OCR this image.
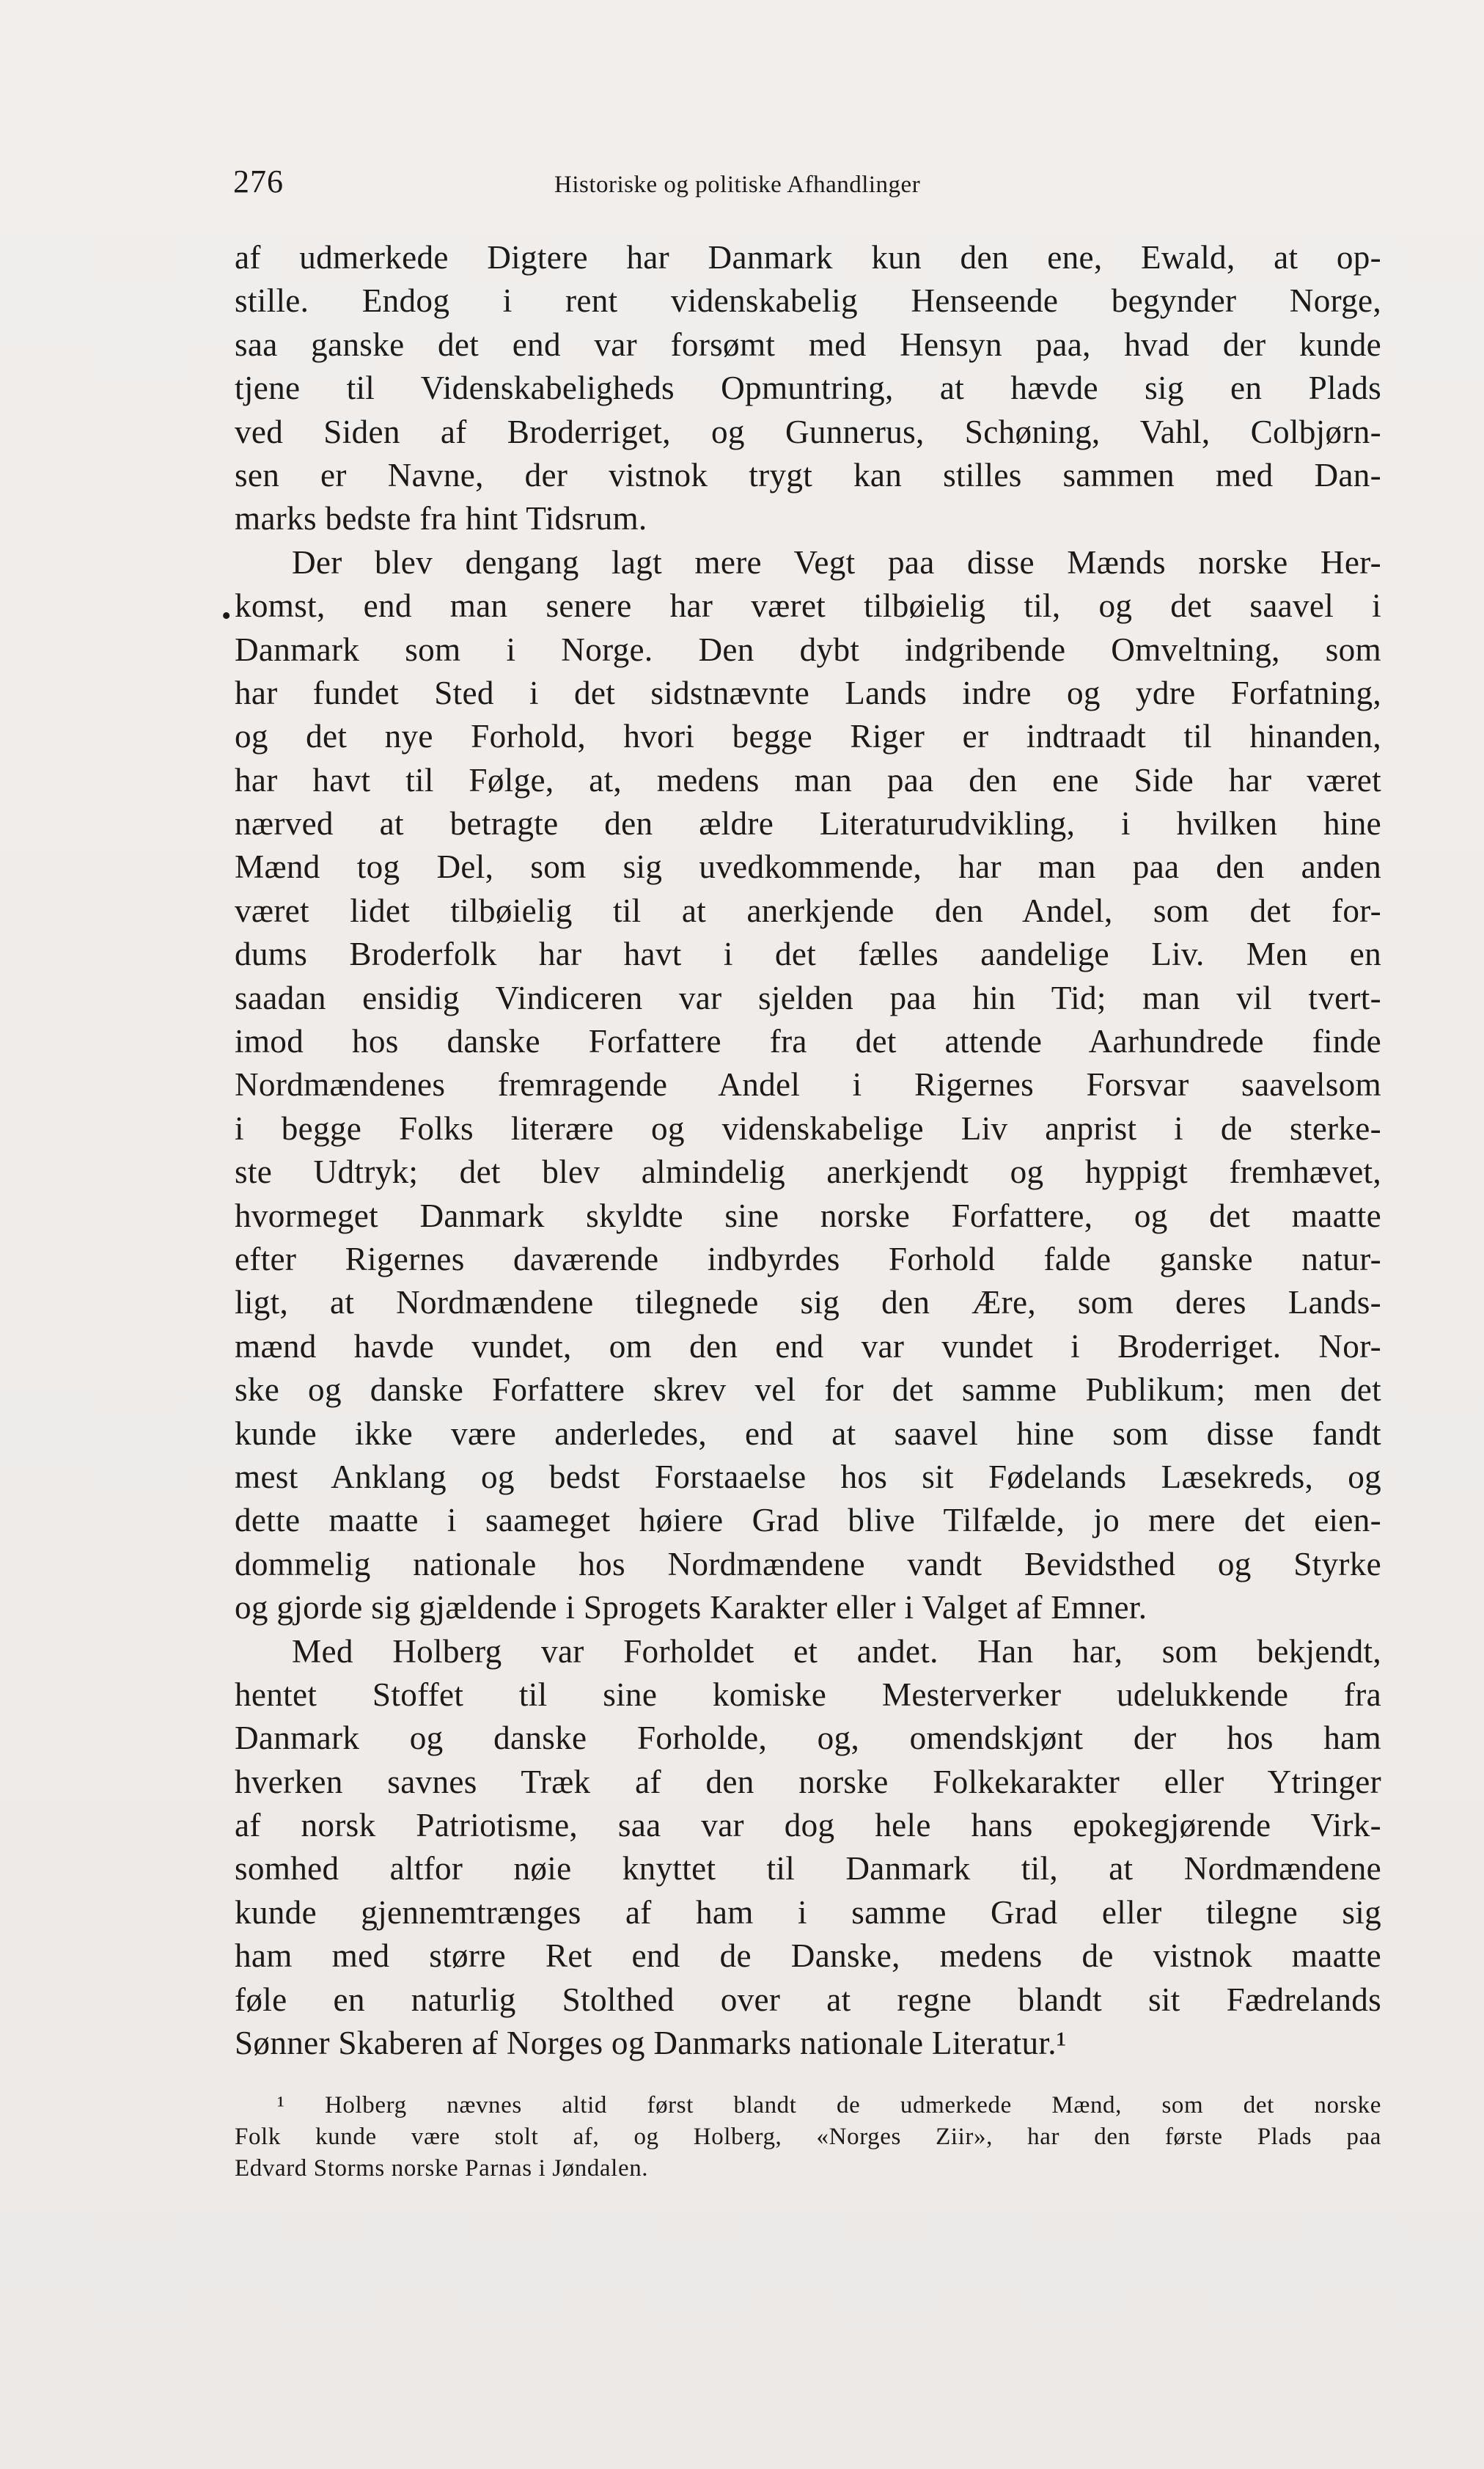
276	Historiske og politiske Afhandlinger
•
af udmerkede Digtere har Danmark kun den ene, Ewald, at op-
stille. Endog i rent videnskabelig Henseende begynder Norge,
saa ganske det end var forsømt med Hensyn paa, hvad der kunde
tjene til Videnskabeligheds Opmuntring, at hævde sig en Plads
ved Siden af Broderriget, og Gunnerus, Schøning, Vahl, Colbjørn-
sen er Navne, der vistnok trygt kan stilles sammen med Dan-
marks bedste fra hint Tidsrum.
Der blev dengang lagt mere Vegt paa disse Mænds norske Her-
komst, end man senere har været tilbøielig til, og det saavel i
Danmark som i Norge. Den dybt indgribende Omveltning, som
har fundet Sted i det sidstnævnte Lands indre og ydre Forfatning,
og det nye Forhold, hvori begge Riger er indtraadt til hinanden,
har havt til Følge, at, medens man paa den ene Side har været
nærved at betragte den ældre Literaturudvikling, i hvilken hine
Mænd tog Del, som sig uvedkommende, har man paa den anden
været lidet tilbøielig til at anerkjende den Andel, som det for-
dums Broderfolk har havt i det fælles aandelige Liv. Men en
saadan ensidig Vindiceren var sjelden paa hin Tid; man vil tvert-
imod hos danske Forfattere fra det attende Aarhundrede finde
Nordmændenes fremragende Andel i Rigernes Forsvar saavelsom
i begge Folks literære og videnskabelige Liv anprist i de sterke-
ste Udtryk; det blev almindelig anerkjendt og hyppigt fremhævet,
hvormeget Danmark skyldte sine norske Forfattere, og det maatte
efter Rigernes daværende indbyrdes Forhold falde ganske natur-
ligt, at Nordmændene tilegnede sig den Ære, som deres Lands-
mænd havde vundet, om den end var vundet i Broderriget. Nor-
ske og danske Forfattere skrev vel for det samme Publikum; men det
kunde ikke være anderledes, end at saavel hine som disse fandt
mest Anklang og bedst Forstaaelse hos sit Fødelands Læsekreds, og
dette maatte i saameget høiere Grad blive Tilfælde, jo mere det eien-
dommelig nationale hos Nordmændene vandt Bevidsthed og Styrke
og gjorde sig gjældende i Sprogets Karakter eller i Valget af Emner.
Med Holberg var Forholdet et andet. Han har, som bekjendt,
hentet Stoffet til sine komiske Mesterverker udelukkende fra
Danmark og danske Forholde, og, omendskjønt der hos ham
hverken savnes Træk af den norske Folkekarakter eller Ytringer
af norsk Patriotisme, saa var dog hele hans epokegjørende Virk-
somhed altfor nøie knyttet til Danmark til, at Nordmændene
kunde gjennemtrænges af ham i samme Grad eller tilegne sig
ham med større Ret end de Danske, medens de vistnok maatte
føle en naturlig Stolthed over at regne blandt sit Fædrelands
Sønner Skaberen af Norges og Danmarks nationale Literatur.¹
¹ Holberg nævnes altid først blandt de udmerkede Mænd, som det norske
Folk kunde være stolt af, og Holberg, «Norges Ziir», har den første Plads paa
Edvard Storms norske Parnas i Jøndalen.
